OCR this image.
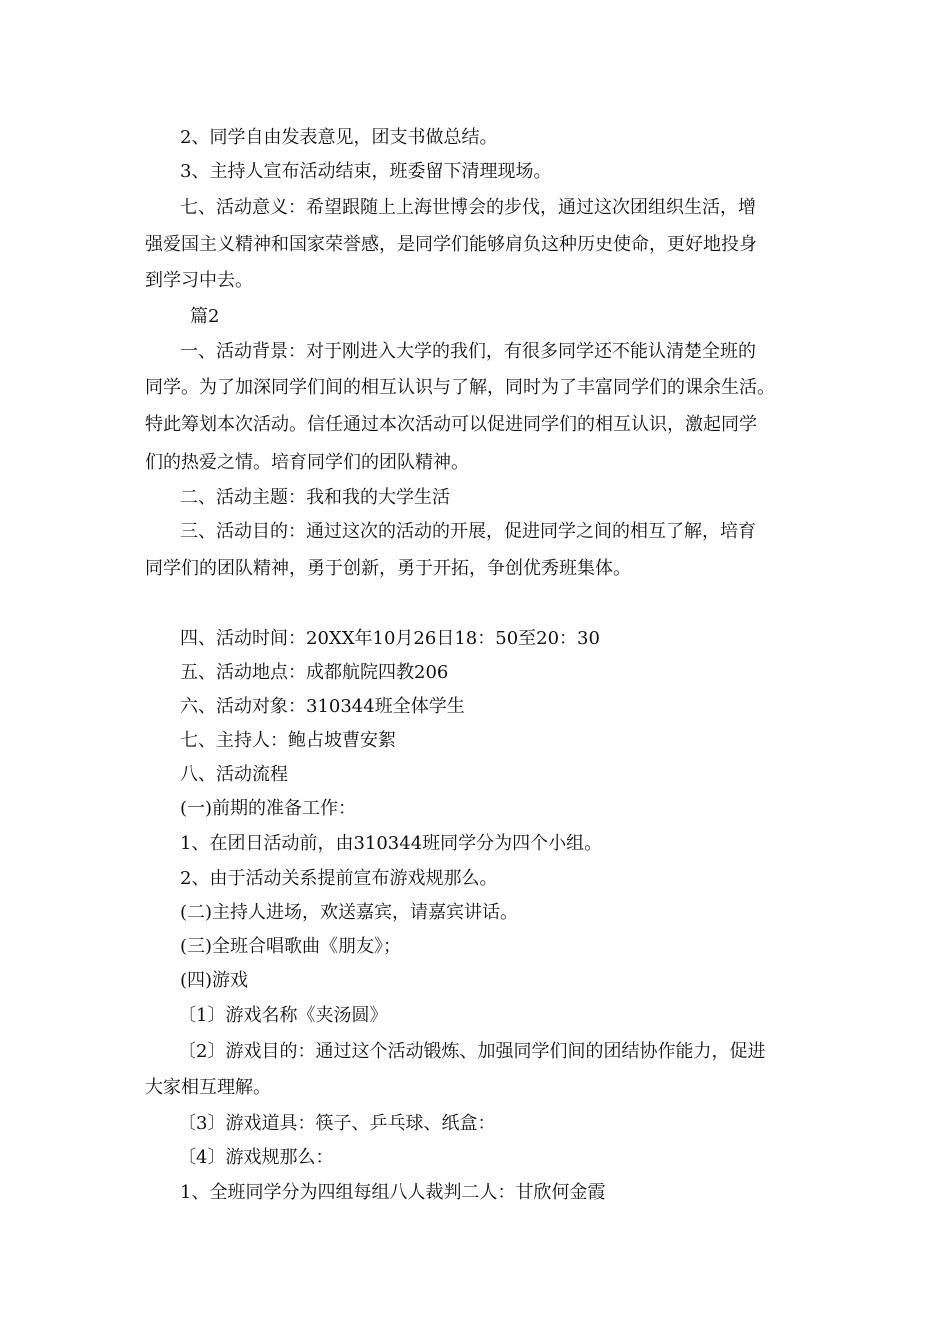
2、同学自由发表意见，团支书做总结。
3、主持人宣布活动结束，班委留下清理现场。
七、活动意义：希望跟随上上海世博会的步伐，通过这次团组织生活，增
强爱国主义精神和国家荣誉感，是同学们能够肩负这种历史使命，更好地投身
到学习中去。
篇2
一、活动背景：对于刚进入大学的我们，有很多同学还不能认清楚全班的
同学。为了加深同学们间的相互认识与了解，同时为了丰富同学们的课余生活。
特此筹划本次活动。信任通过本次活动可以促进同学们的相互认识，激起同学
们的热爱之情。培育同学们的团队精神。
二、活动主题：我和我的大学生活
三、活动目的：通过这次的活动的开展，促进同学之间的相互了解，培育
同学们的团队精神，勇于创新，勇于开拓，争创优秀班集体。
四、活动时间：20XX年10月26日18：50至20：30
五、活动地点：成都航院四教206
六、活动对象：310344班全体学生
七、主持人：鲍占坡曹安絮
八、活动流程
(一)前期的准备工作：
1、在团日活动前，由310344班同学分为四个小组。
2、由于活动关系提前宣布游戏规那么。
(二)主持人进场，欢送嘉宾，请嘉宾讲话。
(三)全班合唱歌曲《朋友》；
(四)游戏
〔1〕游戏名称《夹汤圆》
〔2〕游戏目的：通过这个活动锻炼、加强同学们间的团结协作能力，促进
大家相互理解。
〔3〕游戏道具：筷子、乒乓球、纸盒：
〔4〕游戏规那么：
1、全班同学分为四组每组八人裁判二人：甘欣何金霞
